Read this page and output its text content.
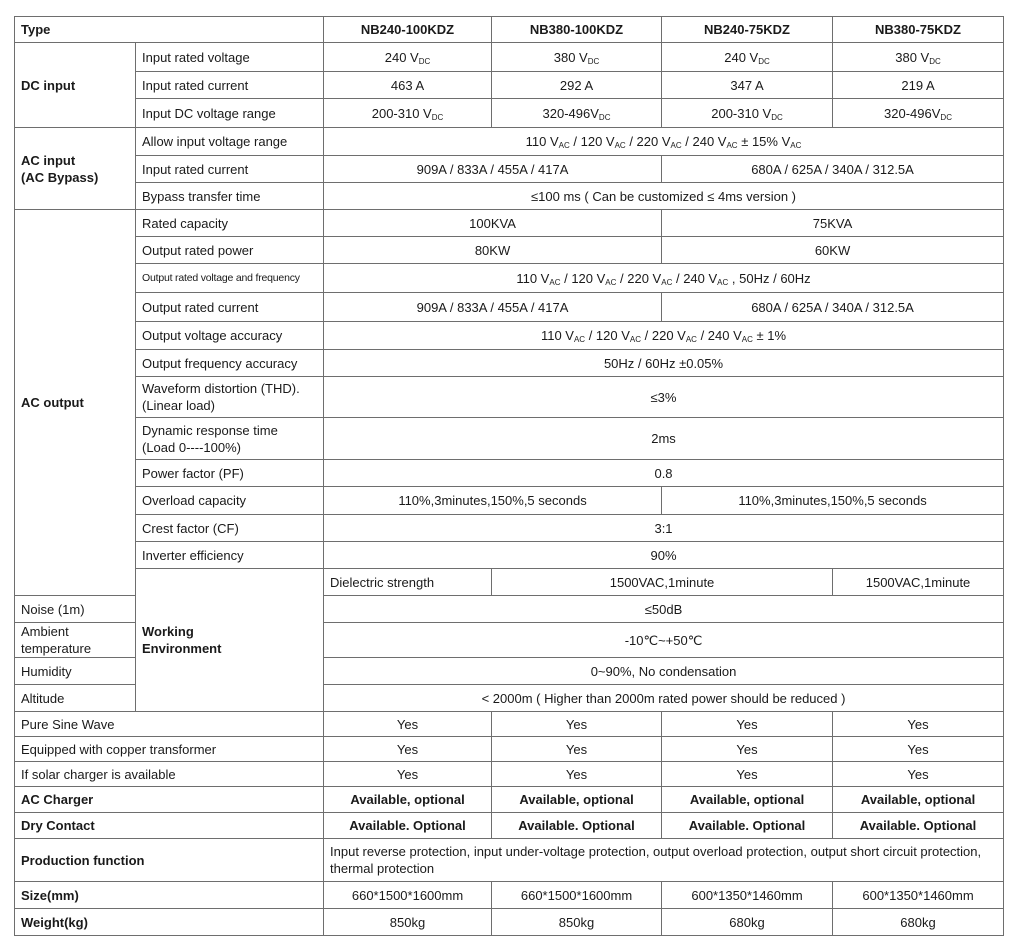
Type		NB240-100KDZ	NB380-100KDZ	NB240-75KDZ	NB380-75KDZ
DC input	Input rated voltage	240 $V_{DC}$	380 $V_{DC}$	240 $V_{DC}$	380 $V_{DC}$
	Input rated current	463 A	292 A	347 A	219 A
	Input DC voltage range	200-310 $V_{DC}$	$320-496V_{DC}$	200-310 $V_{DC}$	$320-496V_{DC}$
AC input
(AC Bypass)	Allow input voltage range	110 $V_{AC} / 120$ $V_{AC} / 220$ $V_{AC} / 240$ $V_{AC} \pm 15\%$ $V_{AC}$
	Input rated current	909A / 833A / 455A / 417A		680A / 625A / 340A / 312.5A	
	Bypass transfer time	≤100 ms ( Can be customized ≤ 4ms version )			
AC output	Rated capacity	100KVA		75KVA	
	Output rated power	80KW		60KW	
	Output rated voltage and frequency	110 $V_{AC} / 120$ $V_{AC} / 220$ $V_{AC} / 240$ $V_{AC}$ , 50Hz / 60Hz			
	Output rated current	909A / 833A / 455A / 417A		680A / 625A / 340A / 312.5A	
	Output voltage accuracy	110 $V_{AC} / 120$ $V_{AC} / 220$ $V_{AC} / 240$ $V_{AC} \pm 1\%$			
	Output frequency accuracy	50Hz / 60Hz ±0.05%			
	Waveform distortion (THD).
(Linear load)	≤3%			
	Dynamic response time
(Load 0----100%)	2ms			
	Power factor (PF)	0.8			
	Overload capacity	110%,3minutes,150%,5 seconds		110%,3minutes,150%,5 seconds	
	Crest factor (CF)	3:1			
	Inverter efficiency	90%			
	Working
Environment	Dielectric strength	1500VAC,1minute		1500VAC,1minute
Noise (1m)		≤50dB			
Ambient temperature		-10℃~+50℃			
Humidity		0~90%, No condensation			
Altitude		< 2000m ( Higher than 2000m rated power should be reduced )			
Pure Sine Wave		Yes	Yes	Yes	Yes
Equipped with copper transformer		Yes	Yes	Yes	Yes
If solar charger is available		Yes	Yes	Yes	Yes
AC Charger		Available, optional	Available, optional	Available, optional	Available, optional
Dry Contact		Available. Optional	Available. Optional	Available. Optional	Available. Optional
Production function		Input reverse protection, input under-voltage protection, output overload protection, output short circuit protection, thermal protection			
Size(mm)		660*1500*1600mm	660*1500*1600mm	600*1350*1460mm	600*1350*1460mm
Weight(kg)		850kg	850kg	680kg	680kg
